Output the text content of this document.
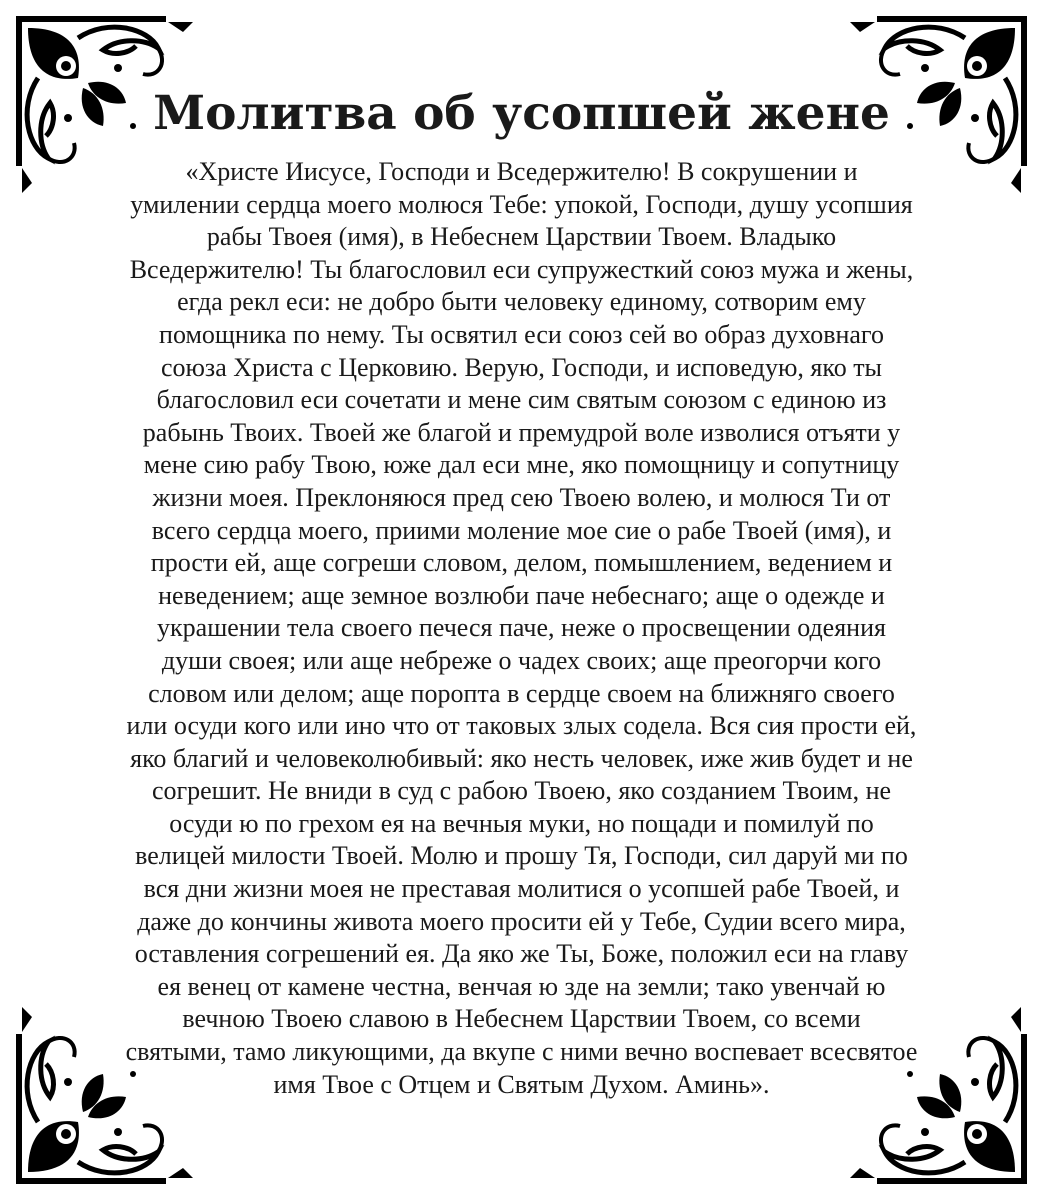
Молитва об усопшей жене
«Христе Иисусе, Господи и Вседержителю! В сокрушении и
умилении сердца моего молюся Тебе: упокой, Господи, душу усопшия
рабы Твоея (имя), в Небеснем Царствии Твоем. Владыко
Вседержителю! Ты благословил еси супружесткий союз мужа и жены,
егда рекл еси: не добро быти человеку единому, сотворим ему
помощника по нему. Ты освятил еси союз сей во образ духовнаго
союза Христа с Церковию. Верую, Господи, и исповедую, яко ты
благословил еси сочетати и мене сим святым союзом с единою из
рабынь Твоих. Твоей же благой и премудрой воле изволися отъяти у
мене сию рабу Твою, юже дал еси мне, яко помощницу и сопутницу
жизни моея. Преклоняюся пред сею Твоею волею, и молюся Ти от
всего сердца моего, приими моление мое сие о рабе Твоей (имя), и
прости ей, аще согреши словом, делом, помышлением, ведением и
неведением; аще земное возлюби паче небеснаго; аще о одежде и
украшении тела своего печеся паче, неже о просвещении одеяния
души своея; или аще небреже о чадех своих; аще преогорчи кого
словом или делом; аще поропта в сердце своем на ближняго своего
или осуди кого или ино что от таковых злых содела. Вся сия прости ей,
яко благий и человеколюбивый: яко несть человек, иже жив будет и не
согрешит. Не вниди в суд с рабою Твоею, яко созданием Твоим, не
осуди ю по грехом ея на вечныя муки, но пощади и помилуй по
велицей милости Твоей. Молю и прошу Тя, Господи, сил даруй ми по
вся дни жизни моея не преставая молитися о усопшей рабе Твоей, и
даже до кончины живота моего просити ей у Тебе, Судии всего мира,
оставления согрешений ея. Да яко же Ты, Боже, положил еси на главу
ея венец от камене честна, венчая ю зде на земли; тако увенчай ю
вечною Твоею славою в Небеснем Царствии Твоем, со всеми
святыми, тамо ликующими, да вкупе с ними вечно воспевает всесвятое
имя Твое с Отцем и Святым Духом. Аминь».
